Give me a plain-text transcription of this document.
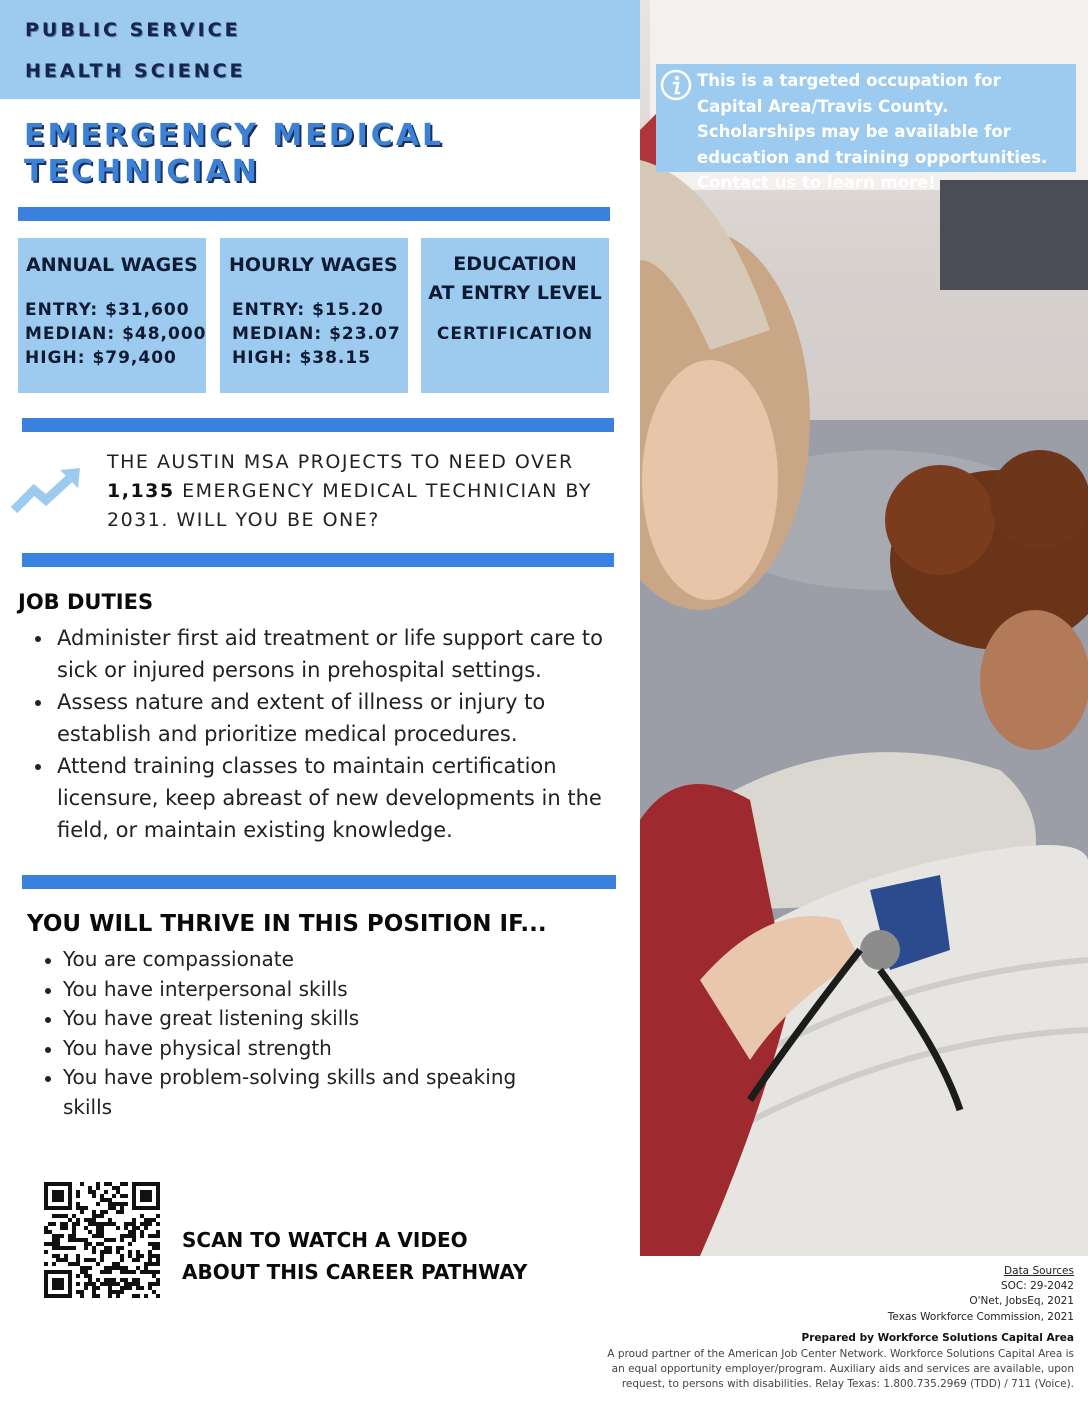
PUBLIC SERVICE
HEALTH SCIENCE
EMERGENCY MEDICAL
TECHNICIAN
ANNUAL WAGES
ENTRY: $31,600
MEDIAN: $48,000
HIGH: $79,400
HOURLY WAGES
ENTRY: $15.20
MEDIAN: $23.07
HIGH: $38.15
EDUCATION
AT ENTRY LEVEL
CERTIFICATION
THE AUSTIN MSA PROJECTS TO NEED OVER
1,135 EMERGENCY MEDICAL TECHNICIAN BY
2031. WILL YOU BE ONE?
JOB DUTIES
Administer first aid treatment or life support care to sick or injured persons in prehospital settings.
Assess nature and extent of illness or injury to establish and prioritize medical procedures.
Attend training classes to maintain certification licensure, keep abreast of new developments in the field, or maintain existing knowledge.
YOU WILL THRIVE IN THIS POSITION IF...
You are compassionate
You have interpersonal skills
You have great listening skills
You have physical strength
You have problem-solving skills and speaking skills
SCAN TO WATCH A VIDEO
ABOUT THIS CAREER PATHWAY
This is a targeted occupation for Capital Area/Travis County. Scholarships may be available for education and training opportunities. Contact us to learn more!
Data Sources
SOC: 29-2042
O'Net, JobsEq, 2021
Texas Workforce Commission, 2021
Prepared by Workforce Solutions Capital Area
A proud partner of the American Job Center Network. Workforce Solutions Capital Area is an equal opportunity employer/program. Auxiliary aids and services are available, upon request, to persons with disabilities. Relay Texas: 1.800.735.2969 (TDD) / 711 (Voice).
